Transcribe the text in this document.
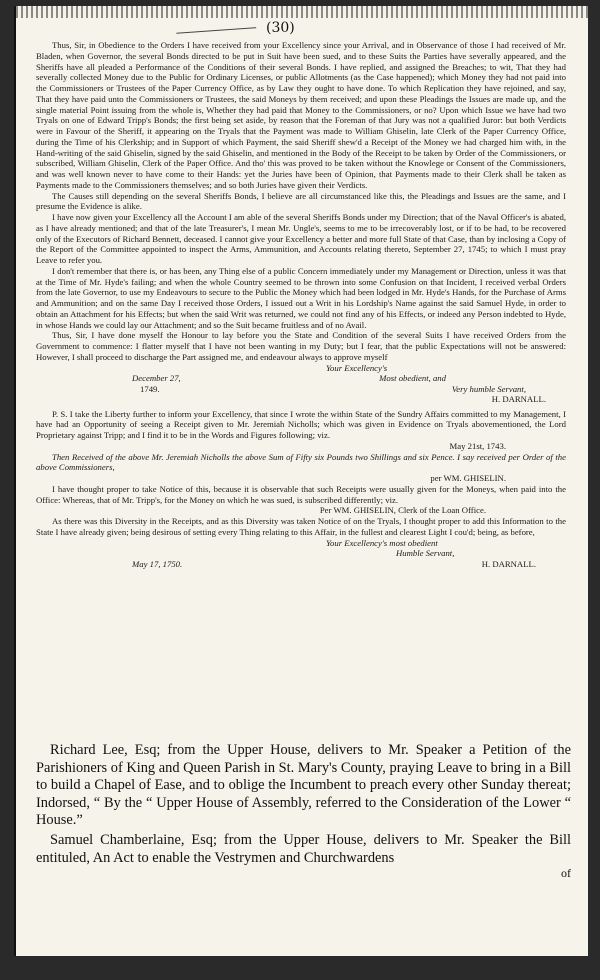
( 30 )

Thus, Sir, in Obedience to the Orders I have received from your Excellency since your Arrival, and in Observance of those I had received of Mr. Bladen, when Governor, the several Bonds directed to be put in Suit have been sued, and to these Suits the Parties have severally appeared, and the Sheriffs have all pleaded a Performance of the Conditions of their several Bonds. I have replied, and assigned the Breaches; to wit, That they had severally collected Money due to the Public for Ordinary Licenses, or public Allotments (as the Case happened); which Money they had not paid into the Commissioners or Trustees of the Paper Currency Office, as by Law they ought to have done. To which Replication they have rejoined, and say, That they have paid unto the Commissioners or Trustees, the said Moneys by them received; and upon these Pleadings the Issues are made up, and the single material Point issuing from the whole is, Whether they had paid that Money to the Commissioners, or no? Upon which Issue we have had two Tryals on one of Edward Tripp's Bonds; the first being set aside, by reason that the Foreman of that Jury was not a qualified Juror: but both Verdicts were in Favour of the Sheriff, it appearing on the Tryals that the Payment was made to William Ghiselin, late Clerk of the Paper Currency Office, during the Time of his Clerkship; and in Support of which Payment, the said Sheriff shew'd a Receipt of the Money we had charged him with, in the Hand-writing of the said Ghiselin, signed by the said Ghiselin, and mentioned in the Body of the Receipt to be taken by Order of the Commissioners, or subscribed, William Ghiselin, Clerk of the Paper Office. And tho' this was proved to be taken without the Knowlege or Consent of the Commissioners, and was well known never to have come to their Hands: yet the Juries have been of Opinion, that Payments made to their Clerk shall be taken as Payments made to the Commissioners themselves; and so both Juries have given their Verdicts.

The Causes still depending on the several Sheriffs Bonds, I believe are all circumstanced like this, the Pleadings and Issues are the same, and I presume the Evidence is alike.

I have now given your Excellency all the Account I am able of the several Sheriffs Bonds under my Direction; that of the Naval Officer's is abated, as I have already mentioned; and that of the late Treasurer's, I mean Mr. Ungle's, seems to me to be irrecoverably lost, or if to be had, to be recovered only of the Executors of Richard Bennett, deceased. I cannot give your Excellency a better and more full State of that Case, than by inclosing a Copy of the Report of the Committee appointed to inspect the Arms, Ammunition, and Accounts relating thereto, September 27, 1745; to which I must pray Leave to refer you.

I don't remember that there is, or has been, any Thing else of a public Concern immediately under my Management or Direction, unless it was that at the Time of Mr. Hyde's failing; and when the whole Country seemed to be thrown into some Confusion on that Incident, I received verbal Orders from the late Governor, to use my Endeavours to secure to the Public the Money which had been lodged in Mr. Hyde's Hands, for the Purchase of Arms and Ammunition; and on the same Day I received those Orders, I issued out a Writ in his Lordship's Name against the said Samuel Hyde, in order to obtain an Attachment for his Effects; but when the said Writ was returned, we could not find any of his Effects, or indeed any Person indebted to Hyde, in whose Hands we could lay our Attachment; and so the Suit became fruitless and of no Avail.

Thus, Sir, I have done myself the Honour to lay before you the State and Condition of the several Suits I have received Orders from the Government to commence: I flatter myself that I have not been wanting in my Duty; but I fear, that the public Expectations will not be answered: However, I shall proceed to discharge the Part assigned me, and endeavour always to approve myself

Your Excellency's
December 27,	Most obedient, and
1749.	Very humble Servant,
H. DARNALL.

P. S. I take the Liberty further to inform your Excellency, that since I wrote the within State of the Sundry Affairs committed to my Management, I have had an Opportunity of seeing a Receipt given to Mr. Jeremiah Nicholls; which was given in Evidence on Tryals abovementioned, the Lord Proprietary against Tripp; and I find it to be in the Words and Figures following; viz.

May 21st, 1743.

Then Received of the above Mr. Jeremiah Nicholls the above Sum of Fifty six Pounds two Shillings and six Pence. I say received per Order of the above Commissioners,

per WM. GHISELIN.

I have thought proper to take Notice of this, because it is observable that such Receipts were usually given for the Moneys, when paid into the Office: Whereas, that of Mr. Tripp's, for the Money on which he was sued, is subscribed differently; viz.

Per WM. GHISELIN, Clerk of the Loan Office.

As there was this Diversity in the Receipts, and as this Diversity was taken Notice of on the Tryals, I thought proper to add this Information to the State I have already given; being desirous of setting every Thing relating to this Affair, in the fullest and clearest Light I cou'd; being, as before,

Your Excellency's most obedient
Humble Servant,
May 17, 1750.	H. DARNALL.

Richard Lee, Esq; from the Upper House, delivers to Mr. Speaker a Petition of the Parishioners of King and Queen Parish in St. Mary's County, praying Leave to bring in a Bill to build a Chapel of Ease, and to oblige the Incumbent to preach every other Sunday thereat; Indorsed, “ By the “ Upper House of Assembly, referred to the Consideration of the Lower “ House.”

Samuel Chamberlaine, Esq; from the Upper House, delivers to Mr. Speaker the Bill entituled, An Act to enable the Vestrymen and Churchwardens

of
